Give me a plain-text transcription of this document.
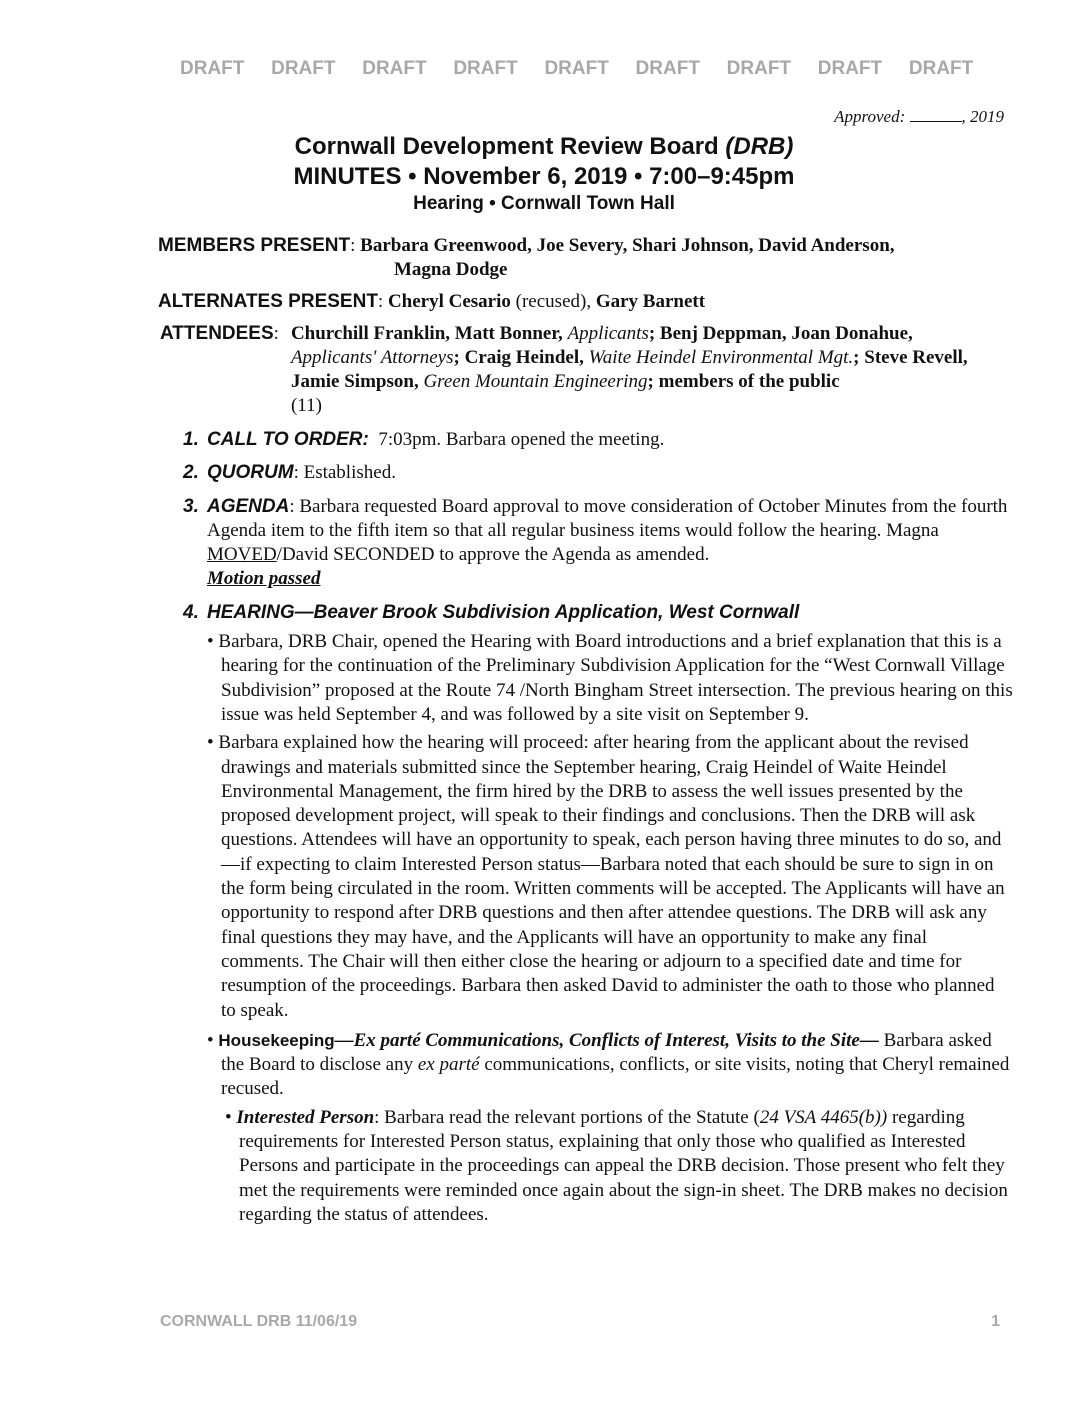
DRAFT	DRAFT	DRAFT	DRAFT	DRAFT	DRAFT	DRAFT	DRAFT	DRAFT
Approved:	, 2019
Cornwall Development Review Board (DRB)
MINUTES • November 6, 2019 • 7:00–9:45pm
Hearing • Cornwall Town Hall
MEMBERS PRESENT: Barbara Greenwood, Joe Severy, Shari Johnson, David Anderson,
Magna Dodge
ALTERNATES PRESENT: Cheryl Cesario (recused), Gary Barnett
ATTENDEES: Churchill Franklin, Matt Bonner, Applicants; Benj Deppman, Joan Donahue, Applicants' Attorneys; Craig Heindel, Waite Heindel Environmental Mgt.; Steve Revell, Jamie Simpson, Green Mountain Engineering; members of the public
(11)
1. CALL TO ORDER: 7:03pm. Barbara opened the meeting.
2. QUORUM: Established.
3. AGENDA: Barbara requested Board approval to move consideration of October Minutes from the fourth Agenda item to the fifth item so that all regular business items would follow the hearing. Magna MOVED/David SECONDED to approve the Agenda as amended.
Motion passed
4. HEARING—Beaver Brook Subdivision Application, West Cornwall

• Barbara, DRB Chair, opened the Hearing with Board introductions and a brief explanation that this is a hearing for the continuation of the Preliminary Subdivision Application for the “West Cornwall Village Subdivision” proposed at the Route 74 /North Bingham Street intersection. The previous hearing on this issue was held September 4, and was followed by a site visit on September 9.

• Barbara explained how the hearing will proceed: after hearing from the applicant about the revised drawings and materials submitted since the September hearing, Craig Heindel of Waite Heindel Environmental Management, the firm hired by the DRB to assess the well issues presented by the proposed development project, will speak to their findings and conclusions. Then the DRB will ask questions. Attendees will have an opportunity to speak, each person having three minutes to do so, and—if expecting to claim Interested Person status—Barbara noted that each should be sure to sign in on the form being circulated in the room. Written comments will be accepted. The Applicants will have an opportunity to respond after DRB questions and then after attendee questions. The DRB will ask any final questions they may have, and the Applicants will have an opportunity to make any final comments. The Chair will then either close the hearing or adjourn to a specified date and time for resumption of the proceedings. Barbara then asked David to administer the oath to those who planned to speak.

• Housekeeping—Ex parté Communications, Conflicts of Interest, Visits to the Site— Barbara asked the Board to disclose any ex parté communications, conflicts, or site visits, noting that Cheryl remained recused.

• Interested Person: Barbara read the relevant portions of the Statute (24 VSA 4465(b)) regarding requirements for Interested Person status, explaining that only those who qualified as Interested Persons and participate in the proceedings can appeal the DRB decision. Those present who felt they met the requirements were reminded once again about the sign-in sheet. The DRB makes no decision regarding the status of attendees.

CORNWALL DRB 11/06/19	1
